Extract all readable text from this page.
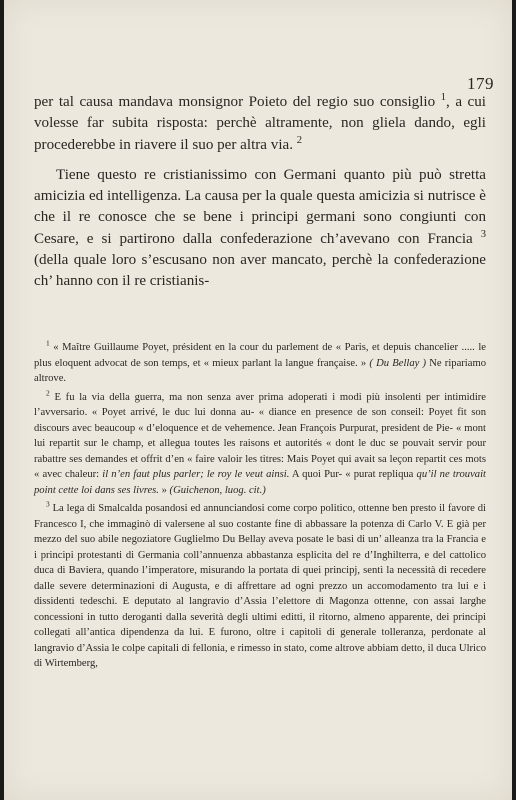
179

per tal causa mandava monsignor Poieto del regio suo consiglio $^1$, a cui volesse far subita risposta: perchè altramente, non gliela dando, egli procederebbe in riavere il suo per altra via. $^2$

Tiene questo re cristianissimo con Germani quanto più può stretta amicizia ed intelligenza. La causa per la quale questa amicizia si nutrisce è che il re conosce che se bene i principi germani sono congiunti con Cesare, e si partirono dalla confederazione ch’avevano con Francia $^3$ (della quale loro s’escusano non aver mancato, perchè la confederazione ch’ hanno con il re cristianis-

$^1$ « Maître Guillaume Poyet, président en la cour du parlement de « Paris, et depuis chancelier ..... le plus eloquent advocat de son temps, et « mieux parlant la langue française. » ( Du Bellay ) Ne ripariamo altrove.

$^2$ E fu la via della guerra, ma non senza aver prima adoperati i modi più insolenti per intimidire l’avversario. « Poyet arrivé, le duc lui donna au- « diance en presence de son conseil: Poyet fit son discours avec beaucoup « d’eloquence et de vehemence. Jean François Purpurat, president de Pie- « mont lui repartit sur le champ, et allegua toutes les raisons et autorités « dont le duc se pouvait servir pour rabattre ses demandes et offrit d’en « faire valoir les titres: Mais Poyet qui avait sa leçon repartit ces mots « avec chaleur: il n’en faut plus parler; le roy le veut ainsi. A quoi Pur- « purat repliqua qu’il ne trouvait point cette loi dans ses livres. » (Guichenon, luog. cit.)

$^3$ La lega di Smalcalda posandosi ed annunciandosi come corpo politico, ottenne ben presto il favore di Francesco I, che immaginò di valersene al suo costante fine di abbassare la potenza di Carlo V. E già per mezzo del suo abile negoziatore Guglielmo Du Bellay aveva posate le basi di un’ alleanza tra la Francia e i principi protestanti di Germania coll’annuenza abbastanza esplicita del re d’Inghilterra, e del cattolico duca di Baviera, quando l’imperatore, misurando la portata di quei principj, sentì la necessità di recedere dalle severe determinazioni di Augusta, e di affrettare ad ogni prezzo un accomodamento tra lui e i dissidenti tedeschi. E deputato al langravio d’Assia l’elettore di Magonza ottenne, con assai larghe concessioni in tutto deroganti dalla severità degli ultimi editti, il ritorno, almeno apparente, dei principi collegati all’antica dipendenza da lui. E furono, oltre i capitoli di generale tolleranza, perdonate al langravio d’Assia le colpe capitali di fellonia, e rimesso in stato, come altrove abbiam detto, il duca Ulrico di Wirtemberg,
